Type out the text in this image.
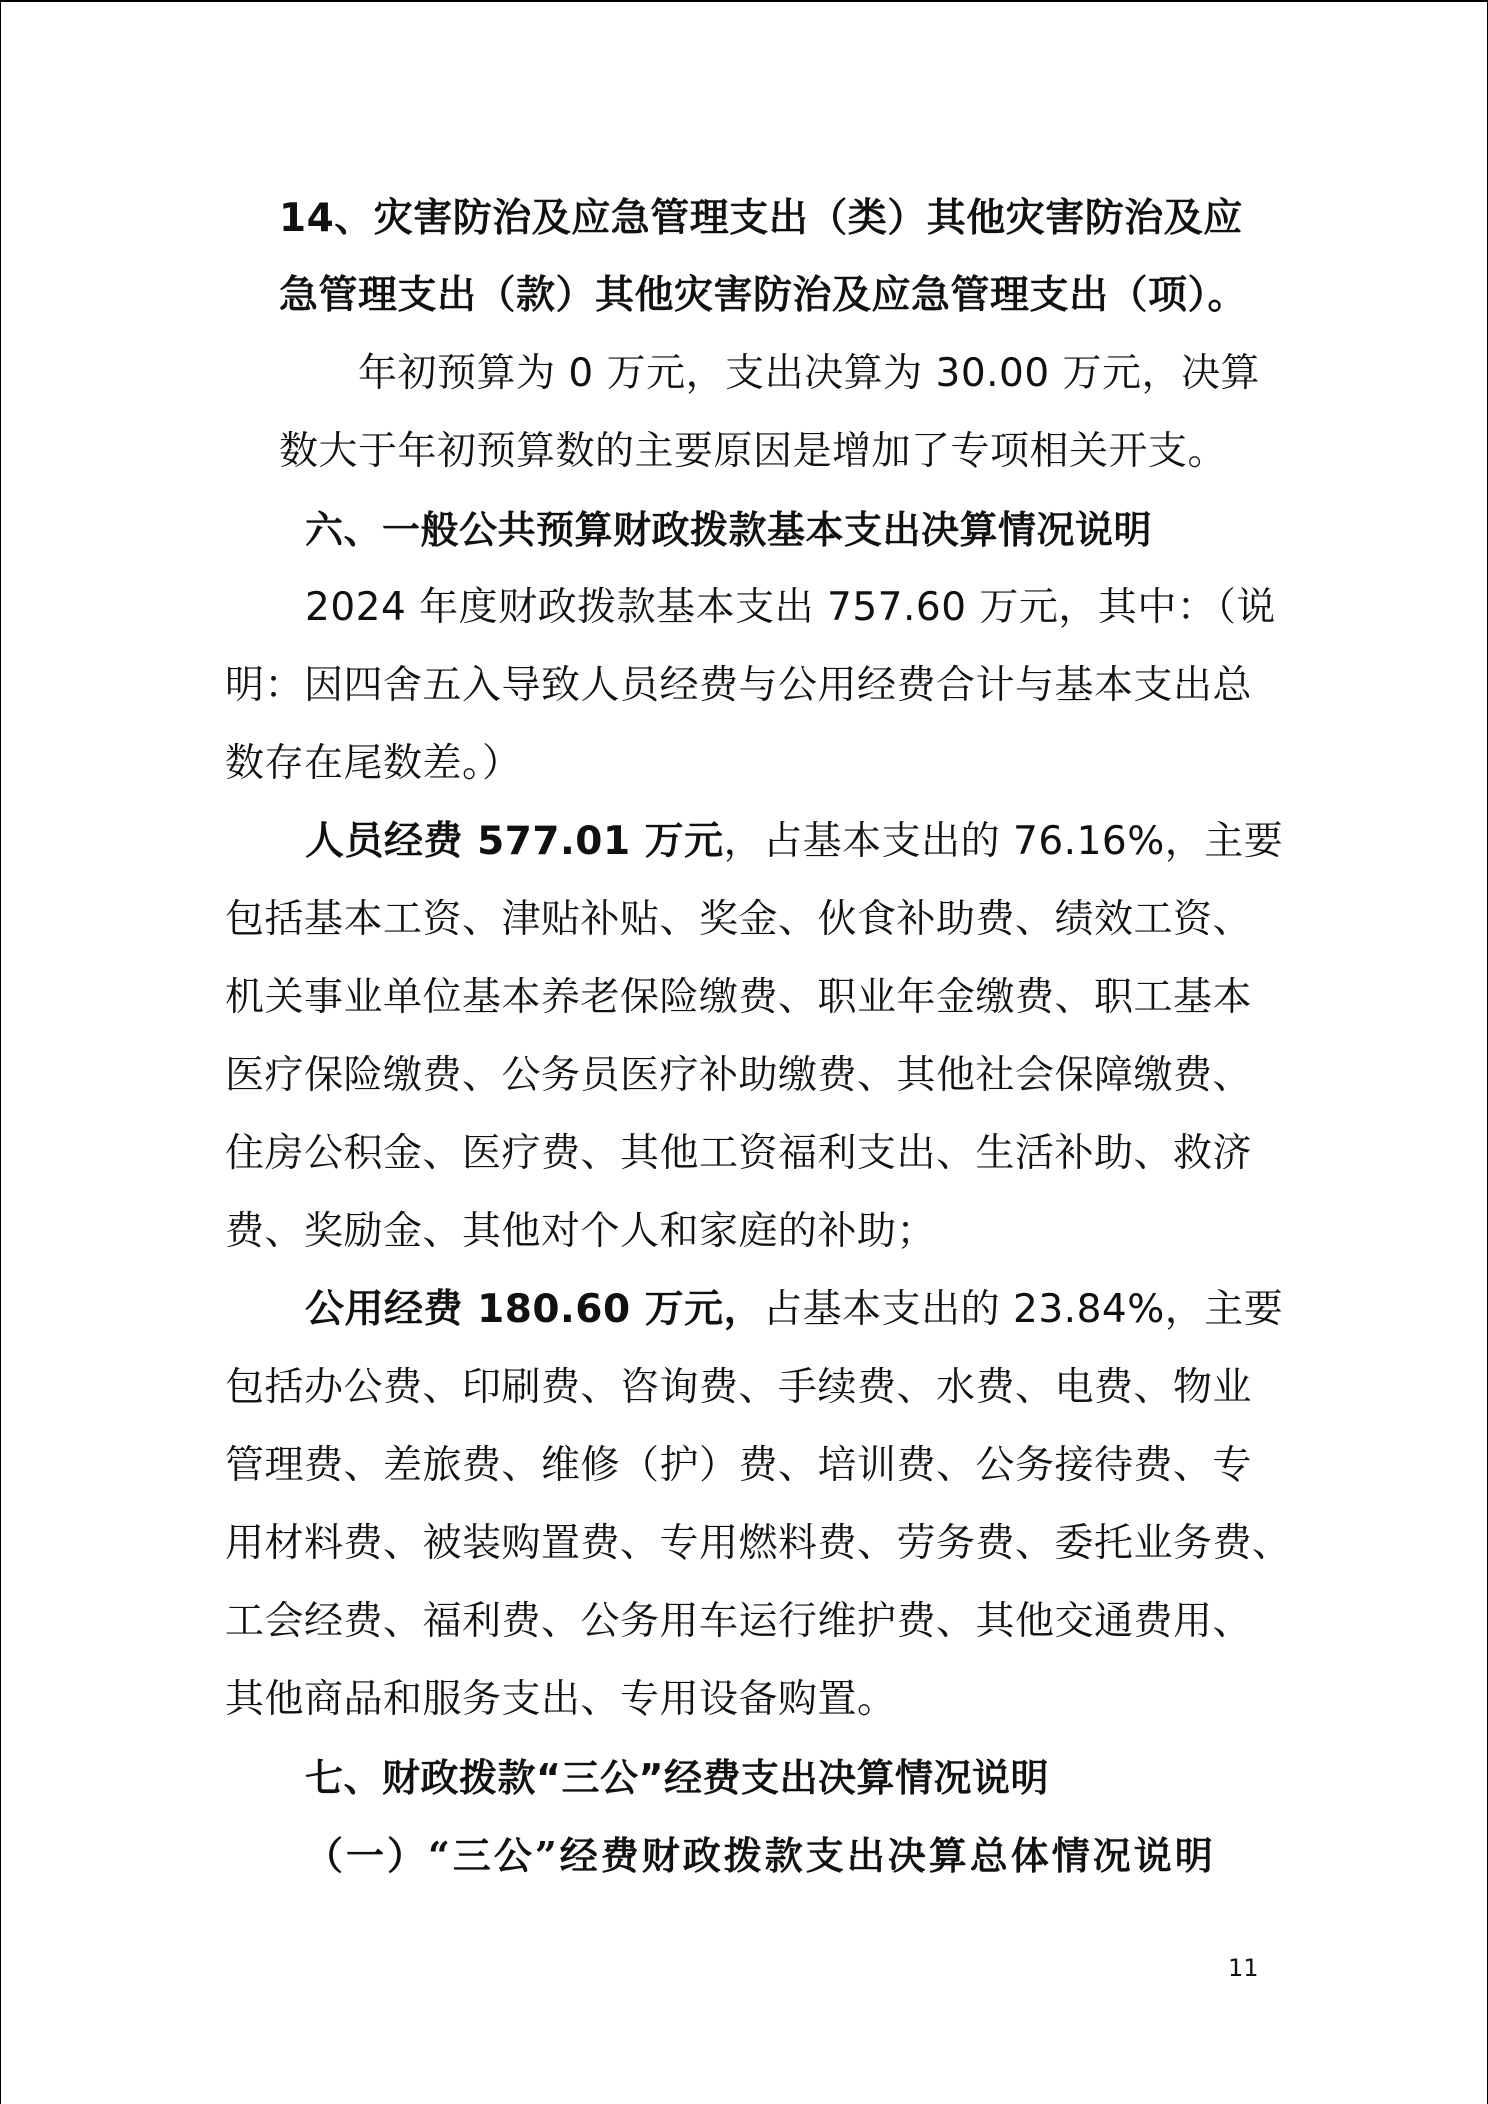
14、灾害防治及应急管理支出（类）其他灾害防治及应
急管理支出（款）其他灾害防治及应急管理支出（项）。
年初预算为 0 万元，支出决算为 30.00 万元，决算
数大于年初预算数的主要原因是增加了专项相关开支。
六、一般公共预算财政拨款基本支出决算情况说明
2024 年度财政拨款基本支出 757.60 万元，其中：（说
明：因四舍五入导致人员经费与公用经费合计与基本支出总
数存在尾数差。）
人员经费 577.01 万元，占基本支出的 76.16%，主要
包括基本工资、津贴补贴、奖金、伙食补助费、绩效工资、
机关事业单位基本养老保险缴费、职业年金缴费、职工基本
医疗保险缴费、公务员医疗补助缴费、其他社会保障缴费、
住房公积金、医疗费、其他工资福利支出、生活补助、救济
费、奖励金、其他对个人和家庭的补助；
公用经费 180.60 万元，占基本支出的 23.84%，主要
包括办公费、印刷费、咨询费、手续费、水费、电费、物业
管理费、差旅费、维修（护）费、培训费、公务接待费、专
用材料费、被装购置费、专用燃料费、劳务费、委托业务费、
工会经费、福利费、公务用车运行维护费、其他交通费用、
其他商品和服务支出、专用设备购置。
七、财政拨款“三公”经费支出决算情况说明
（一）“三公”经费财政拨款支出决算总体情况说明
11
